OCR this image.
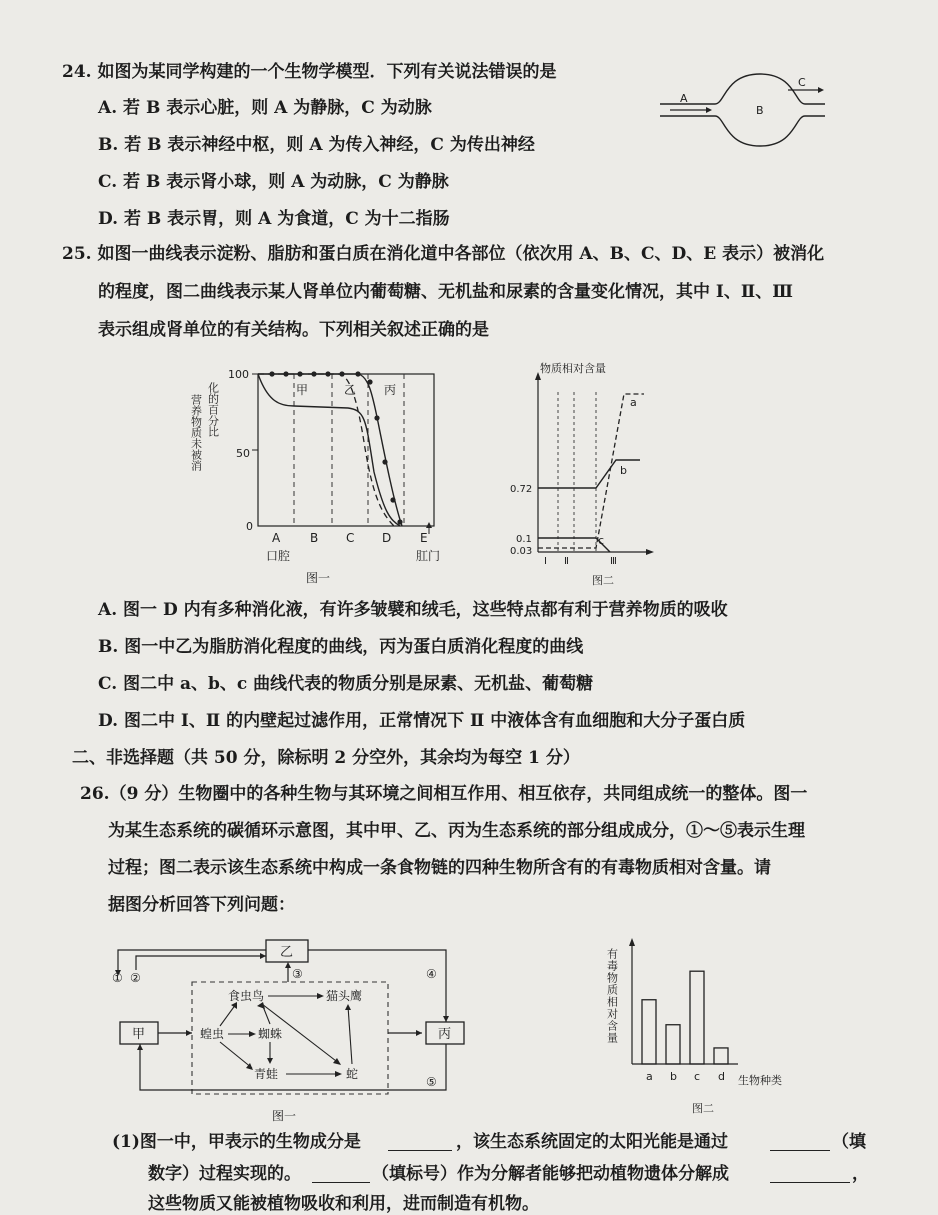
24. 如图为某同学构建的一个生物学模型．下列有关说法错误的是
A. 若 B 表示心脏，则 A 为静脉，C 为动脉
B. 若 B 表示神经中枢，则 A 为传入神经，C 为传出神经
C. 若 B 表示肾小球，则 A 为动脉，C 为静脉
D. 若 B 表示胃，则 A 为食道，C 为十二指肠
A
B
C
25. 如图一曲线表示淀粉、脂肪和蛋白质在消化道中各部位（依次用 A、B、C、D、E 表示）被消化
的程度，图二曲线表示某人肾单位内葡萄糖、无机盐和尿素的含量变化情况，其中 Ⅰ、Ⅱ、Ⅲ
表示组成肾单位的有关结构。下列相关叙述正确的是
营养物质未被消 化的百分比
100
50
0
甲	乙 丙
A B C D E
口腔	肛门
图一
物质相对含量
0.72
0.1
0.03
Ⅰ Ⅱ	Ⅲ
a
b
c
图二
A. 图一 D 内有多种消化液，有许多皱襞和绒毛，这些特点都有利于营养物质的吸收
B. 图一中乙为脂肪消化程度的曲线，丙为蛋白质消化程度的曲线
C. 图二中 a、b、c 曲线代表的物质分别是尿素、无机盐、葡萄糖
D. 图二中 Ⅰ、Ⅱ 的内壁起过滤作用，正常情况下 Ⅱ 中液体含有血细胞和大分子蛋白质
二、非选择题（共 50 分，除标明 2 分空外，其余均为每空 1 分）
26.（9 分）生物圈中的各种生物与其环境之间相互作用、相互依存，共同组成统一的整体。图一
为某生态系统的碳循环示意图，其中甲、乙、丙为生态系统的部分组成成分，①～⑤表示生理
过程；图二表示该生态系统中构成一条食物链的四种生物所含有的有毒物质相对含量。请
据图分析回答下列问题：
乙
甲	丙
① ②	③	④
⑤
食虫鸟	猫头鹰
蝗虫	蜘蛛
青蛙	蛇
图一
有毒物质相对含量
a b c d 生物种类
图二
(1)图一中，甲表示的生物成分是	，该生态系统固定的太阳光能是通过	（填
数字）过程实现的。	（填标号）作为分解者能够把动植物遗体分解成	，
这些物质又能被植物吸收和利用，进而制造有机物。
